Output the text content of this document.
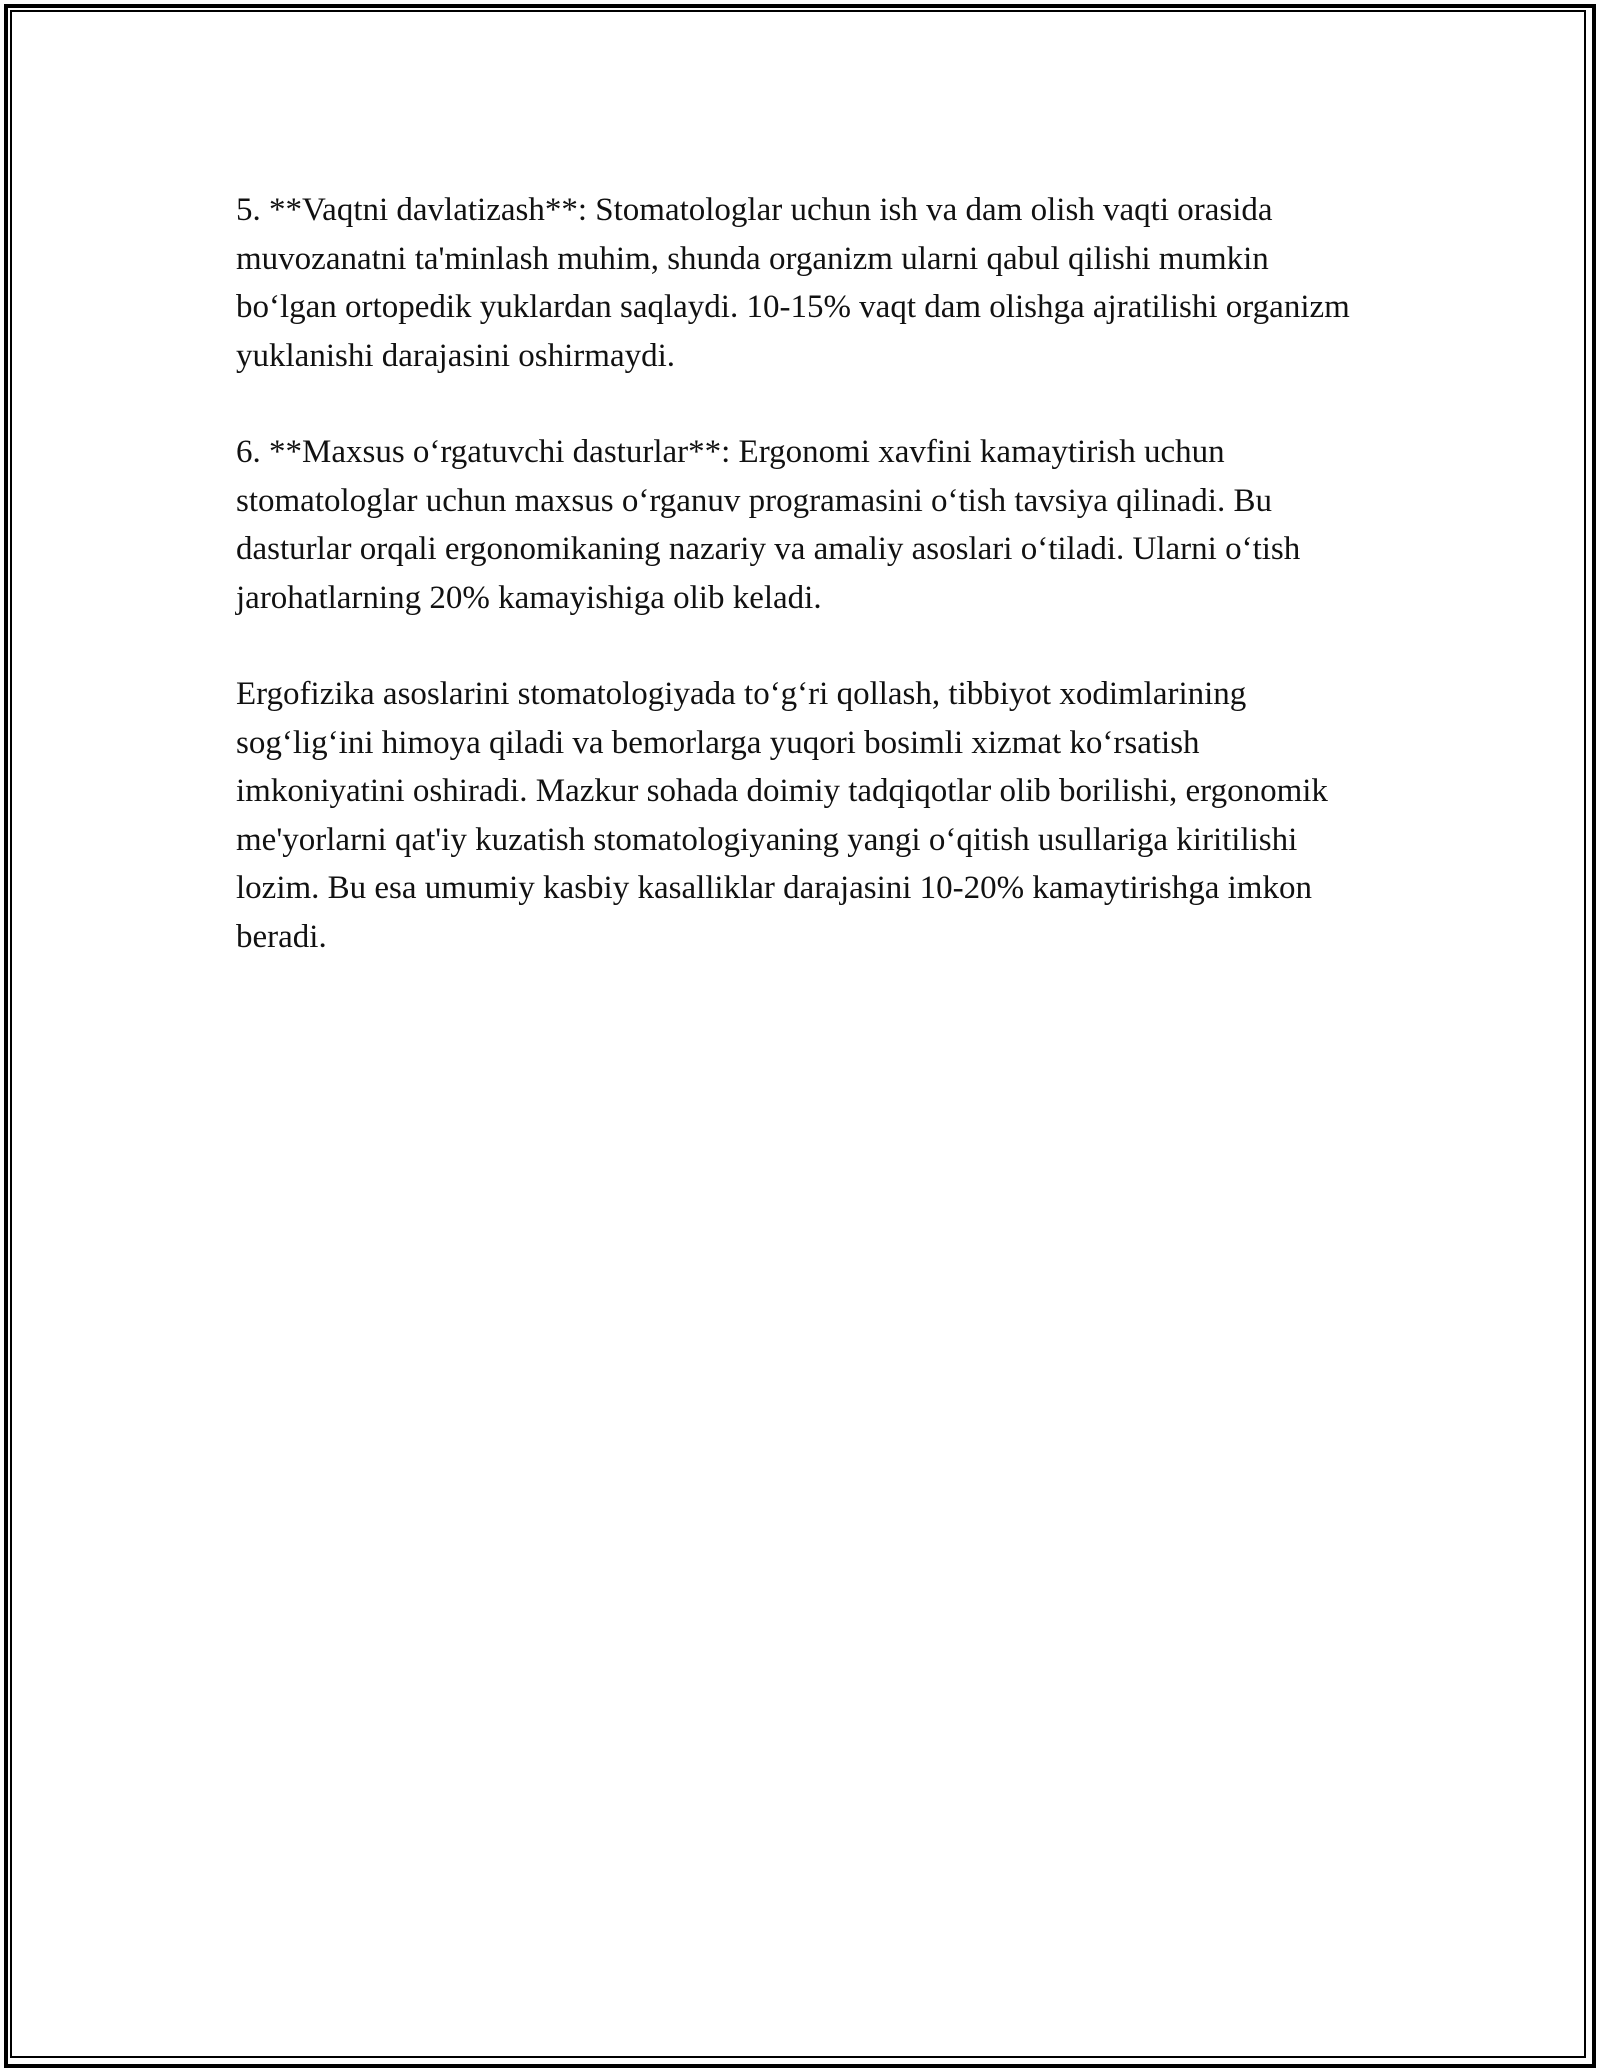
5. **Vaqtni davlatizash**: Stomatologlar uchun ish va dam olish vaqti orasida muvozanatni ta'minlash muhim, shunda organizm ularni qabul qilishi mumkin bo‘lgan ortopedik yuklardan saqlaydi. 10-15% vaqt dam olishga ajratilishi organizm yuklanishi darajasini oshirmaydi.

6. **Maxsus o‘rgatuvchi dasturlar**: Ergonomi xavfini kamaytirish uchun stomatologlar uchun maxsus o‘rganuv programasini o‘tish tavsiya qilinadi. Bu dasturlar orqali ergonomikaning nazariy va amaliy asoslari o‘tiladi. Ularni o‘tish jarohatlarning 20% kamayishiga olib keladi.

Ergofizika asoslarini stomatologiyada to‘g‘ri qollash, tibbiyot xodimlarining sog‘lig‘ini himoya qiladi va bemorlarga yuqori bosimli xizmat ko‘rsatish imkoniyatini oshiradi. Mazkur sohada doimiy tadqiqotlar olib borilishi, ergonomik me'yorlarni qat'iy kuzatish stomatologiyaning yangi o‘qitish usullariga kiritilishi lozim. Bu esa umumiy kasbiy kasalliklar darajasini 10-20% kamaytirishga imkon beradi.
